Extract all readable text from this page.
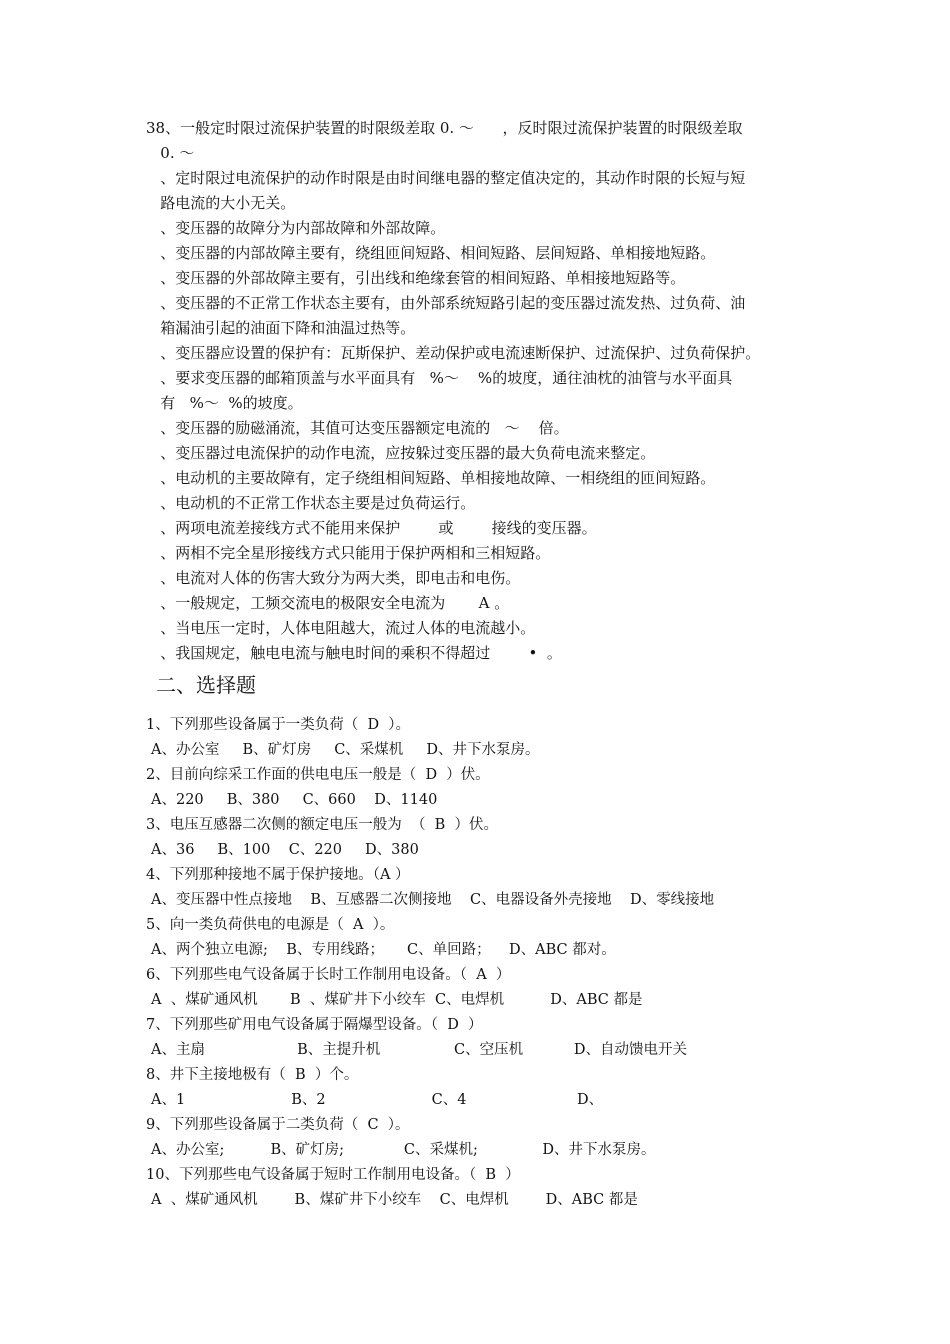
38、一般定时限过流保护装置的时限级差取 0. ～      ，反时限过流保护装置的时限级差取
0. ～
、定时限过电流保护的动作时限是由时间继电器的整定值决定的，其动作时限的长短与短
路电流的大小无关。
、变压器的故障分为内部故障和外部故障。
、变压器的内部故障主要有，绕组匝间短路、相间短路、层间短路、单相接地短路。
、变压器的外部故障主要有，引出线和绝缘套管的相间短路、单相接地短路等。
、变压器的不正常工作状态主要有，由外部系统短路引起的变压器过流发热、过负荷、油
箱漏油引起的油面下降和油温过热等。
、变压器应设置的保护有：瓦斯保护、差动保护或电流速断保护、过流保护、过负荷保护。
、要求变压器的邮箱顶盖与水平面具有   %～    %的坡度，通往油枕的油管与水平面具
有   %～  %的坡度。
、变压器的励磁涌流，其值可达变压器额定电流的   ～    倍。
、变压器过电流保护的动作电流，应按躲过变压器的最大负荷电流来整定。
、电动机的主要故障有，定子绕组相间短路、单相接地故障、一相绕组的匝间短路。
、电动机的不正常工作状态主要是过负荷运行。
、两项电流差接线方式不能用来保护        或        接线的变压器。
、两相不完全星形接线方式只能用于保护两相和三相短路。
、电流对人体的伤害大致分为两大类，即电击和电伤。
、一般规定，工频交流电的极限安全电流为       A 。
、当电压一定时，人体电阻越大，流过人体的电流越小。
、我国规定，触电电流与触电时间的乘积不得超过        •  。
二、选择题
1、下列那些设备属于一类负荷（  D  ）。
A、办公室     B、矿灯房     C、采煤机     D、井下水泵房。
2、目前向综采工作面的供电电压一般是（  D  ）伏。
A、220     B、380     C、660    D、1140
3、电压互感器二次侧的额定电压一般为  （  B  ）伏。
A、36     B、100    C、220     D、380
4、下列那种接地不属于保护接地。（A ）
A、变压器中性点接地    B、互感器二次侧接地    C、电器设备外壳接地    D、零线接地
5、向一类负荷供电的电源是（  A  ）。
A、两个独立电源;    B、专用线路；     C、单回路；    D、ABC 都对。
6、下列那些电气设备属于长时工作制用电设备。（  A  ）
A  、煤矿通风机       B  、煤矿井下小绞车  C、电焊机          D、ABC 都是
7、下列那些矿用电气设备属于隔爆型设备。（  D  ）
A、主扇                    B、主提升机                C、空压机           D、自动馈电开关
8、井下主接地极有（  B  ）个。
A、1                       B、2                       C、4                        D、
9、下列那些设备属于二类负荷（  C  ）。
A、办公室;          B、矿灯房;             C、采煤机;              D、井下水泵房。
10、下列那些电气设备属于短时工作制用电设备。（  B  ）
A  、煤矿通风机        B、煤矿井下小绞车    C、电焊机        D、ABC 都是
